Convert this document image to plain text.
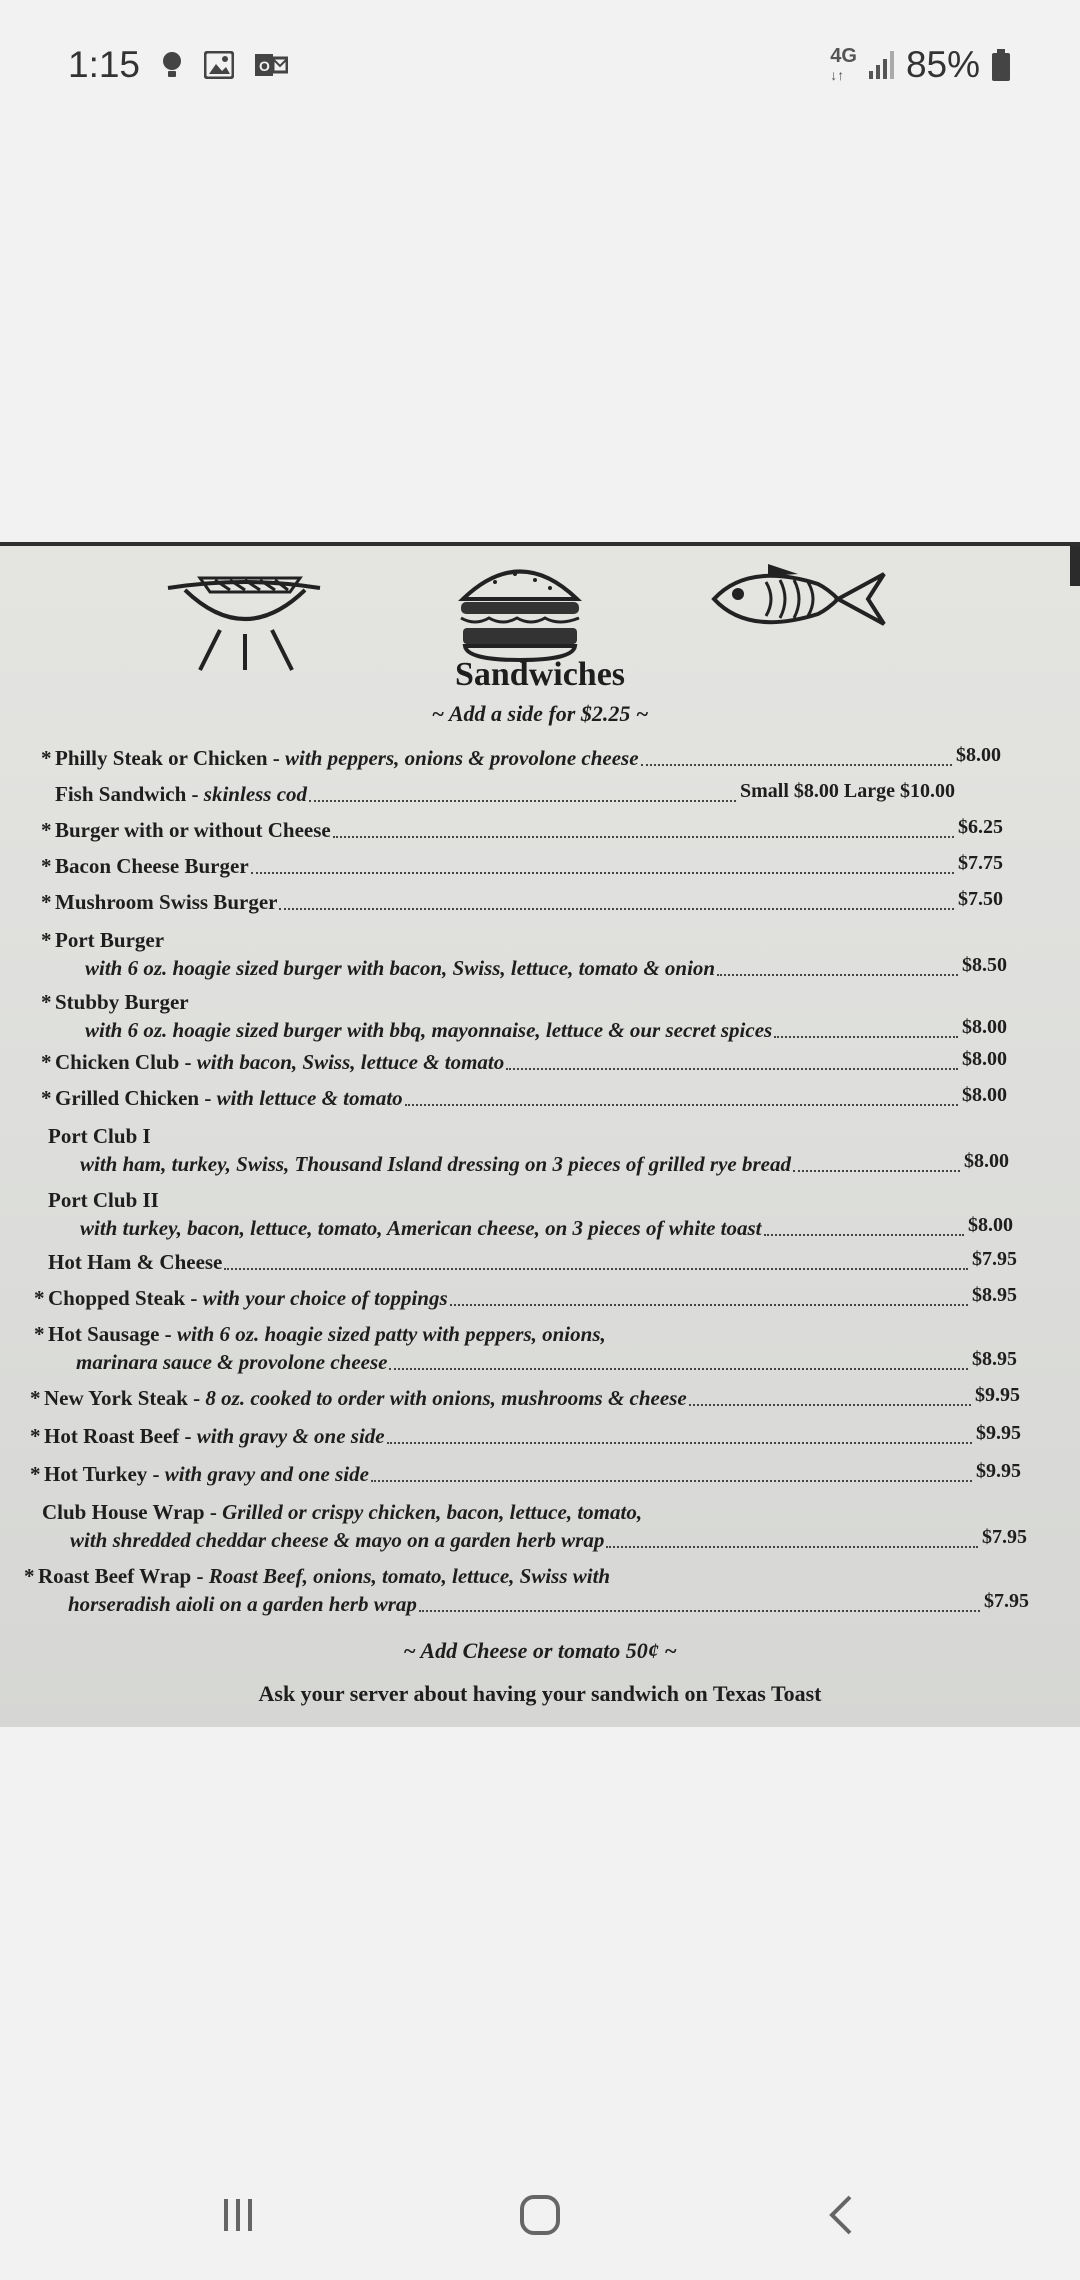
1:15	O	4G
↓↑	85%
Sandwiches
~ Add a side for $2.25 ~
* Philly Steak or Chicken - with peppers, onions & provolone cheese	$8.00
Fish Sandwich - skinless cod	Small $8.00 Large $10.00
* Burger with or without Cheese	$6.25
* Bacon Cheese Burger	$7.75
* Mushroom Swiss Burger	$7.50
* Port Burger
with 6 oz. hoagie sized burger with bacon, Swiss, lettuce, tomato & onion	$8.50
* Stubby Burger
with 6 oz. hoagie sized burger with bbq, mayonnaise, lettuce & our secret spices	$8.00
* Chicken Club - with bacon, Swiss, lettuce & tomato	$8.00
* Grilled Chicken - with lettuce & tomato	$8.00
Port Club I
with ham, turkey, Swiss, Thousand Island dressing on 3 pieces of grilled rye bread	$8.00
Port Club II
with turkey, bacon, lettuce, tomato, American cheese, on 3 pieces of white toast	$8.00
Hot Ham & Cheese	$7.95
* Chopped Steak - with your choice of toppings	$8.95
* Hot Sausage - with 6 oz. hoagie sized patty with peppers, onions,
marinara sauce & provolone cheese	$8.95
* New York Steak - 8 oz. cooked to order with onions, mushrooms & cheese	$9.95
* Hot Roast Beef - with gravy & one side	$9.95
* Hot Turkey - with gravy and one side	$9.95
Club House Wrap - Grilled or crispy chicken, bacon, lettuce, tomato,
with shredded cheddar cheese & mayo on a garden herb wrap	$7.95
* Roast Beef Wrap - Roast Beef, onions, tomato, lettuce, Swiss with
horseradish aioli on a garden herb wrap	$7.95
~ Add Cheese or tomato 50¢ ~
Ask your server about having your sandwich on Texas Toast
